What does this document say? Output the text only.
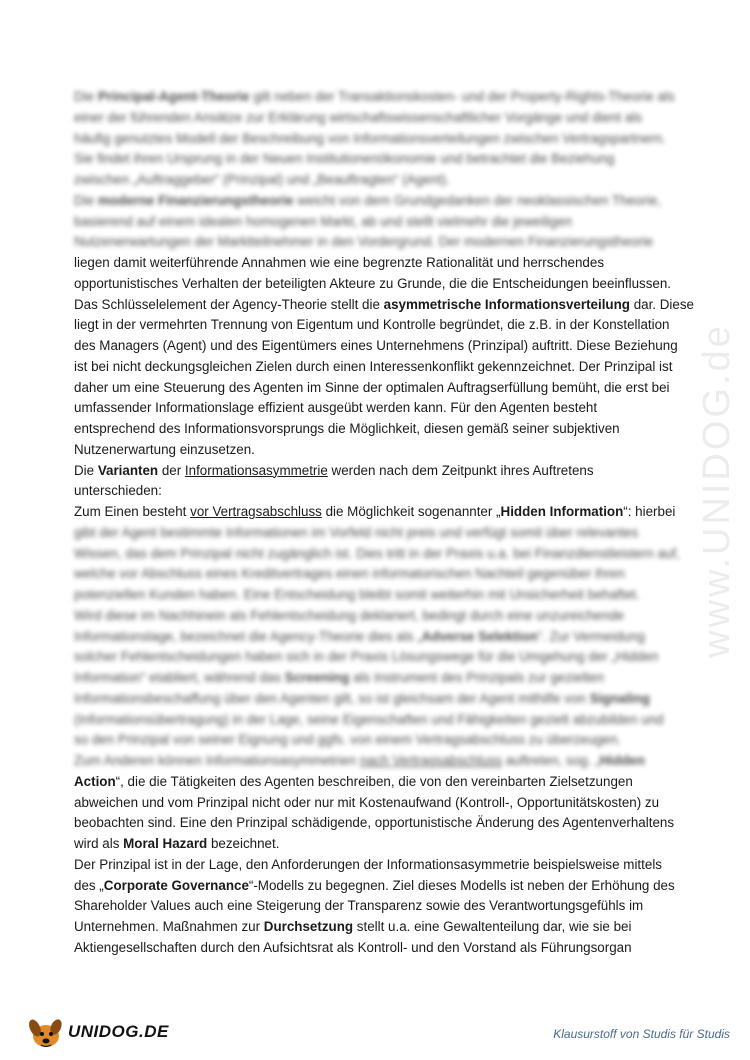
www.UNIDOG.de

Die Principal-Agent-Theorie gilt neben der Transaktionskosten- und der Property-Rights-Theorie als

einer der führenden Ansätze zur Erklärung wirtschaftswissenschaftlicher Vorgänge und dient als

häufig genutztes Modell der Beschreibung von Informationsverteilungen zwischen Vertragspartnern.

Sie findet ihren Ursprung in der Neuen Institutionenökonomie und betrachtet die Beziehung

zwischen „Auftraggeber“ (Prinzipal) und „Beauftragten“ (Agent).

Die moderne Finanzierungstheorie weicht von dem Grundgedanken der neoklassischen Theorie,

basierend auf einem idealen homogenen Markt, ab und stellt vielmehr die jeweiligen

Nutzenerwartungen der Marktteilnehmer in den Vordergrund. Der modernen Finanzierungstheorie

liegen damit weiterführende Annahmen wie eine begrenzte Rationalität und herrschendes

opportunistisches Verhalten der beteiligten Akteure zu Grunde, die die Entscheidungen beeinflussen.

Das Schlüsselelement der Agency-Theorie stellt die asymmetrische Informationsverteilung dar. Diese

liegt in der vermehrten Trennung von Eigentum und Kontrolle begründet, die z.B. in der Konstellation

des Managers (Agent) und des Eigentümers eines Unternehmens (Prinzipal) auftritt. Diese Beziehung

ist bei nicht deckungsgleichen Zielen durch einen Interessenkonflikt gekennzeichnet. Der Prinzipal ist

daher um eine Steuerung des Agenten im Sinne der optimalen Auftragserfüllung bemüht, die erst bei

umfassender Informationslage effizient ausgeübt werden kann. Für den Agenten besteht

entsprechend des Informationsvorsprungs die Möglichkeit, diesen gemäß seiner subjektiven

Nutzenerwartung einzusetzen.

Die Varianten der Informationsasymmetrie werden nach dem Zeitpunkt ihres Auftretens

unterschieden:

Zum Einen besteht vor Vertragsabschluss die Möglichkeit sogenannter „Hidden Information“: hierbei

gibt der Agent bestimmte Informationen im Vorfeld nicht preis und verfügt somit über relevantes

Wissen, das dem Prinzipal nicht zugänglich ist. Dies tritt in der Praxis u.a. bei Finanzdienstleistern auf,

welche vor Abschluss eines Kreditvertrages einen informatorischen Nachteil gegenüber ihren

potenziellen Kunden haben. Eine Entscheidung bleibt somit weiterhin mit Unsicherheit behaftet.

Wird diese im Nachhinein als Fehlentscheidung deklariert, bedingt durch eine unzureichende

Informationslage, bezeichnet die Agency-Theorie dies als „Adverse Selektion“. Zur Vermeidung

solcher Fehlentscheidungen haben sich in der Praxis Lösungswege für die Umgehung der „Hidden

Information“ etabliert, während das Screening als Instrument des Prinzipals zur gezielten

Informationsbeschaffung über den Agenten gilt, so ist gleichsam der Agent mithilfe von Signaling

(Informationsübertragung) in der Lage, seine Eigenschaften und Fähigkeiten gezielt abzubilden und

so den Prinzipal von seiner Eignung und ggfs. von einem Vertragsabschluss zu überzeugen.

Zum Anderen können Informationsasymmetrien nach Vertragsabschluss auftreten, sog. „Hidden

Action“, die die Tätigkeiten des Agenten beschreiben, die von den vereinbarten Zielsetzungen

abweichen und vom Prinzipal nicht oder nur mit Kostenaufwand (Kontroll-, Opportunitätskosten) zu

beobachten sind. Eine den Prinzipal schädigende, opportunistische Änderung des Agentenverhaltens

wird als Moral Hazard bezeichnet.

Der Prinzipal ist in der Lage, den Anforderungen der Informationsasymmetrie beispielsweise mittels

des „Corporate Governance“-Modells zu begegnen. Ziel dieses Modells ist neben der Erhöhung des

Shareholder Values auch eine Steigerung der Transparenz sowie des Verantwortungsgefühls im

Unternehmen. Maßnahmen zur Durchsetzung stellt u.a. eine Gewaltenteilung dar, wie sie bei

Aktiengesellschaften durch den Aufsichtsrat als Kontroll- und den Vorstand als Führungsorgan

UNIDOG.DE	Klausurstoff von Studis für Studis
